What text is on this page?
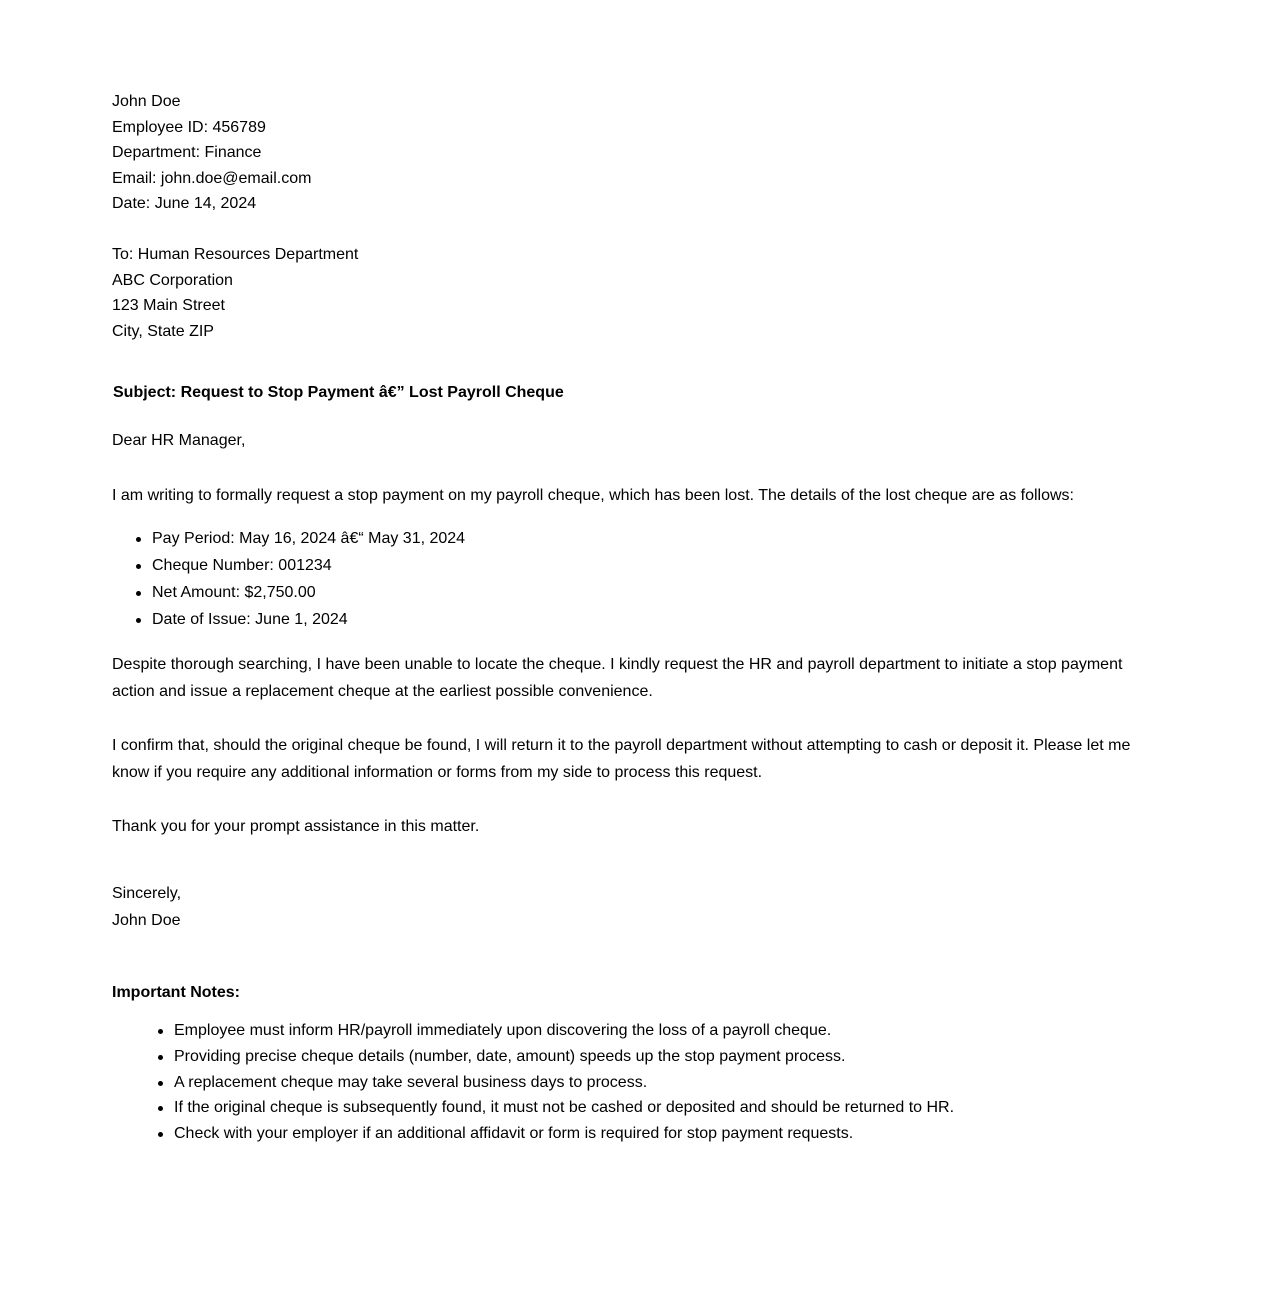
John Doe
Employee ID: 456789
Department: Finance
Email: john.doe@email.com
Date: June 14, 2024
To: Human Resources Department
ABC Corporation
123 Main Street
City, State ZIP
Subject: Request to Stop Payment â€” Lost Payroll Cheque
Dear HR Manager,
I am writing to formally request a stop payment on my payroll cheque, which has been lost. The details of the lost cheque are as follows:
Pay Period: May 16, 2024 â€“ May 31, 2024
Cheque Number: 001234
Net Amount: $2,750.00
Date of Issue: June 1, 2024
Despite thorough searching, I have been unable to locate the cheque. I kindly request the HR and payroll department to initiate a stop payment action and issue a replacement cheque at the earliest possible convenience.
I confirm that, should the original cheque be found, I will return it to the payroll department without attempting to cash or deposit it. Please let me know if you require any additional information or forms from my side to process this request.
Thank you for your prompt assistance in this matter.
Sincerely,
John Doe
Important Notes:
Employee must inform HR/payroll immediately upon discovering the loss of a payroll cheque.
Providing precise cheque details (number, date, amount) speeds up the stop payment process.
A replacement cheque may take several business days to process.
If the original cheque is subsequently found, it must not be cashed or deposited and should be returned to HR.
Check with your employer if an additional affidavit or form is required for stop payment requests.
